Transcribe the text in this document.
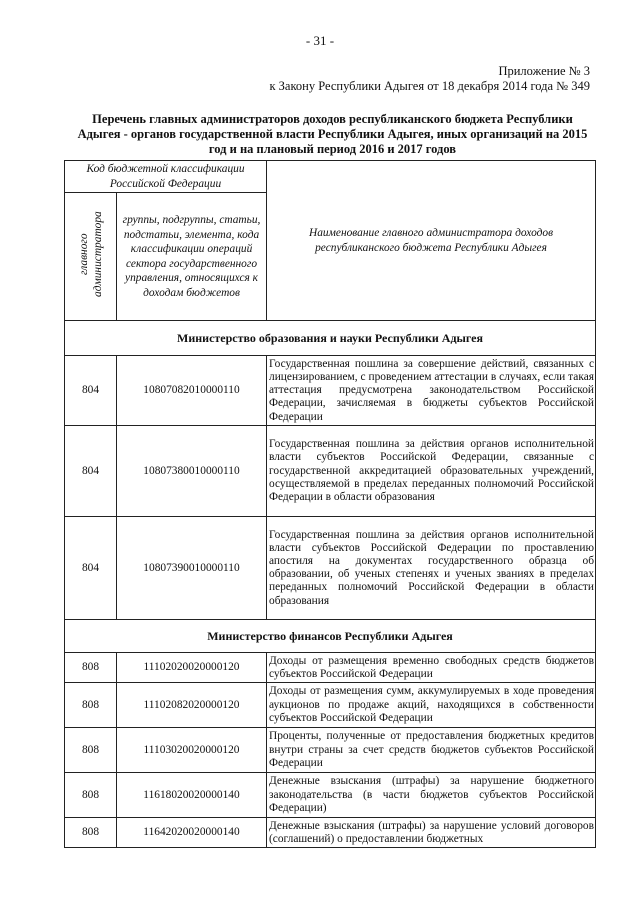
- 31 -
Приложение № 3
к Закону Республики Адыгея от 18 декабря 2014 года № 349
Перечень главных администраторов доходов республиканского бюджета Республики
Адыгея - органов государственной власти Республики Адыгея, иных организаций на 2015
год и на плановый период 2016 и 2017 годов
Код бюджетной классификации Российской Федерации		Наименование главного администратора доходов республиканского бюджета Республики Адыгея
главного администратора	группы, подгруппы, статьи, подстатьи, элемента, кода классификации операций сектора государственного управления, относящихся к доходам бюджетов	
Министерство образования и науки Республики Адыгея		
804	10807082010000110	Государственная пошлина за совершение действий, связанных с лицензированием, с проведением аттестации в случаях, если такая аттестация предусмотрена законодательством Российской Федерации, зачисляемая в бюджеты субъектов Российской Федерации
804	10807380010000110	Государственная пошлина за действия органов исполнительной власти субъектов Российской Федерации, связанные с государственной аккредитацией образовательных учреждений, осуществляемой в пределах переданных полномочий Российской Федерации в области образования
804	10807390010000110	Государственная пошлина за действия органов исполнительной власти субъектов Российской Федерации по проставлению апостиля на документах государственного образца об образовании, об ученых степенях и ученых званиях в пределах переданных полномочий Российской Федерации в области образования
Министерство финансов Республики Адыгея		
808	11102020020000120	Доходы от размещения временно свободных средств бюджетов субъектов Российской Федерации
808	11102082020000120	Доходы от размещения сумм, аккумулируемых в ходе проведения аукционов по продаже акций, находящихся в собственности субъектов Российской Федерации
808	11103020020000120	Проценты, полученные от предоставления бюджетных кредитов внутри страны за счет средств бюджетов субъектов Российской Федерации
808	11618020020000140	Денежные взыскания (штрафы) за нарушение бюджетного законодательства (в части бюджетов субъектов Российской Федерации)
808	11642020020000140	Денежные взыскания (штрафы) за нарушение условий договоров (соглашений) о предоставлении бюджетных
